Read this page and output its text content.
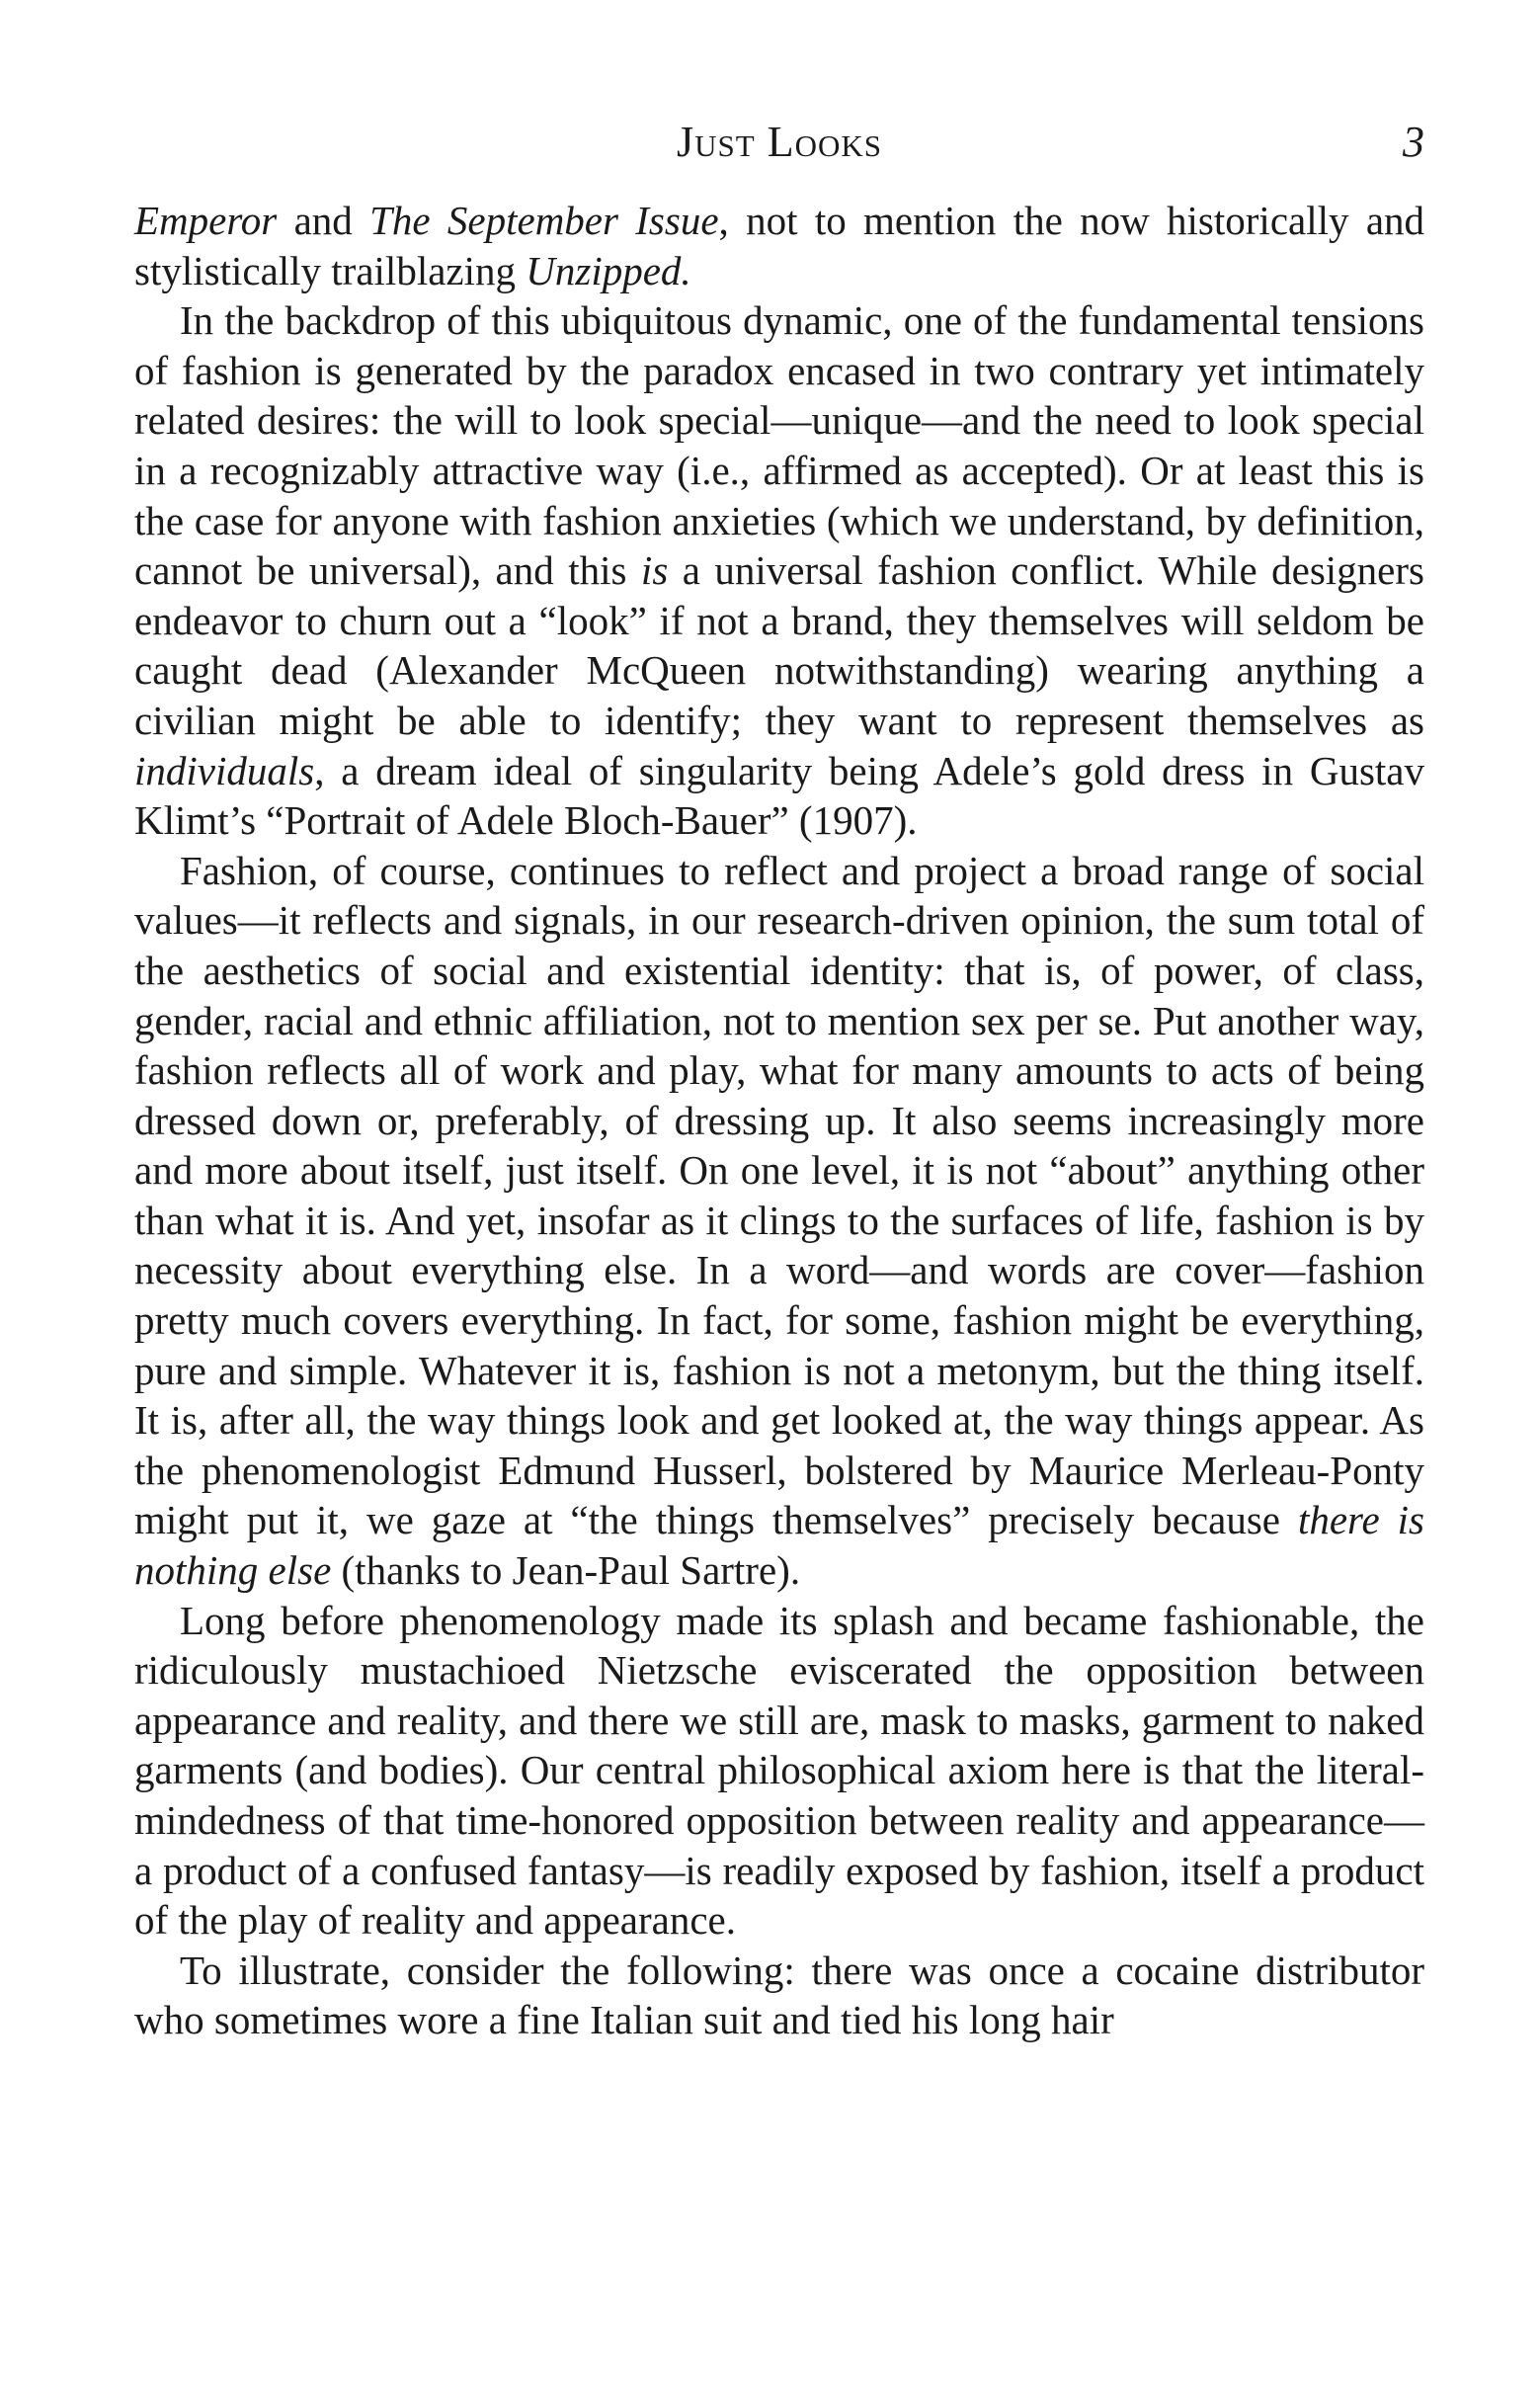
Just Looks	3

Emperor and The September Issue, not to mention the now historically and stylistically trailblazing Unzipped.

In the backdrop of this ubiquitous dynamic, one of the fundamental tensions of fashion is generated by the paradox encased in two contrary yet intimately related desires: the will to look special—unique—and the need to look special in a recognizably attractive way (i.e., affirmed as accepted). Or at least this is the case for anyone with fashion anxieties (which we understand, by definition, cannot be universal), and this is a universal fashion conflict. While designers endeavor to churn out a “look” if not a brand, they themselves will seldom be caught dead (Alexander McQueen notwithstanding) wearing anything a civilian might be able to identify; they want to represent themselves as individuals, a dream ideal of singularity being Adele’s gold dress in Gustav Klimt’s “Portrait of Adele Bloch-Bauer” (1907).

Fashion, of course, continues to reflect and project a broad range of social values—it reflects and signals, in our research-driven opinion, the sum total of the aesthetics of social and existential identity: that is, of power, of class, gender, racial and ethnic affiliation, not to mention sex per se. Put another way, fashion reflects all of work and play, what for many amounts to acts of being dressed down or, preferably, of dressing up. It also seems increasingly more and more about itself, just itself. On one level, it is not “about” anything other than what it is. And yet, insofar as it clings to the surfaces of life, fashion is by necessity about everything else. In a word—and words are cover—fashion pretty much covers everything. In fact, for some, fashion might be everything, pure and simple. Whatever it is, fashion is not a metonym, but the thing itself. It is, after all, the way things look and get looked at, the way things appear. As the phenomenologist Edmund Husserl, bolstered by Maurice Merleau-Ponty might put it, we gaze at “the things themselves” precisely because there is nothing else (thanks to Jean-Paul Sartre).

Long before phenomenology made its splash and became fashionable, the ridiculously mustachioed Nietzsche eviscerated the opposition between appearance and reality, and there we still are, mask to masks, garment to naked garments (and bodies). Our central philosophical axiom here is that the literal-mindedness of that time-honored opposition between reality and appearance—a product of a confused fantasy—is readily exposed by fashion, itself a product of the play of reality and appearance.

To illustrate, consider the following: there was once a cocaine distributor who sometimes wore a fine Italian suit and tied his long hair
